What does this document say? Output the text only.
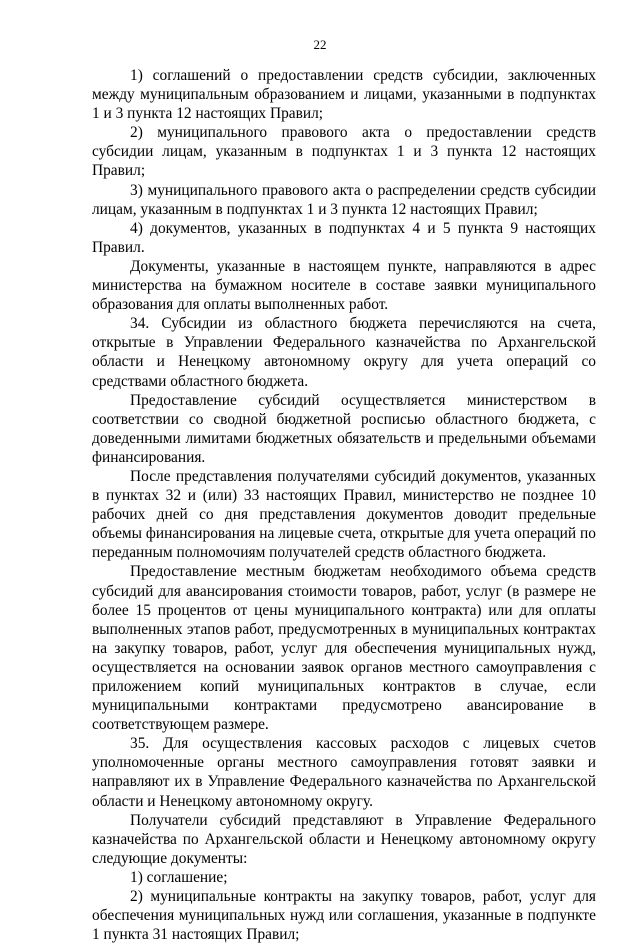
22

1) соглашений о предоставлении средств субсидии, заключенных между муниципальным образованием и лицами, указанными в подпунктах 1 и 3 пункта 12 настоящих Правил;

2) муниципального правового акта о предоставлении средств субсидии лицам, указанным в подпунктах 1 и 3 пункта 12 настоящих Правил;

3) муниципального правового акта о распределении средств субсидии лицам, указанным в подпунктах 1 и 3 пункта 12 настоящих Правил;

4) документов, указанных в подпунктах 4 и 5 пункта 9 настоящих Правил.

Документы, указанные в настоящем пункте, направляются в адрес министерства на бумажном носителе в составе заявки муниципального образования для оплаты выполненных работ.

34. Субсидии из областного бюджета перечисляются на счета, открытые в Управлении Федерального казначейства по Архангельской области и Ненецкому автономному округу для учета операций со средствами областного бюджета.

Предоставление субсидий осуществляется министерством в соответствии со сводной бюджетной росписью областного бюджета, с доведенными лимитами бюджетных обязательств и предельными объемами финансирования.

После представления получателями субсидий документов, указанных в пунктах 32 и (или) 33 настоящих Правил, министерство не позднее 10 рабочих дней со дня представления документов доводит предельные объемы финансирования на лицевые счета, открытые для учета операций по переданным полномочиям получателей средств областного бюджета.

Предоставление местным бюджетам необходимого объема средств субсидий для авансирования стоимости товаров, работ, услуг (в размере не более 15 процентов от цены муниципального контракта) или для оплаты выполненных этапов работ, предусмотренных в муниципальных контрактах на закупку товаров, работ, услуг для обеспечения муниципальных нужд, осуществляется на основании заявок органов местного самоуправления с приложением копий муниципальных контрактов в случае, если муниципальными контрактами предусмотрено авансирование в соответствующем размере.

35. Для осуществления кассовых расходов с лицевых счетов уполномоченные органы местного самоуправления готовят заявки и направляют их в Управление Федерального казначейства по Архангельской области и Ненецкому автономному округу.

Получатели субсидий представляют в Управление Федерального казначейства по Архангельской области и Ненецкому автономному округу следующие документы:

1) соглашение;

2) муниципальные контракты на закупку товаров, работ, услуг для обеспечения муниципальных нужд или соглашения, указанные в подпункте 1 пункта 31 настоящих Правил;
